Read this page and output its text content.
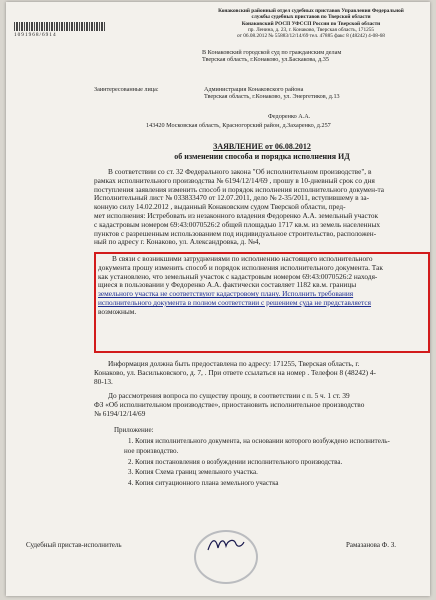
1091968/6914
Конаковский районный отдел судебных приставов Управления Федеральной
службы судебных приставов по Тверской области
Конаковский РОСП УФССП России по Тверской области
пр. Ленина, д. 23, г. Конаково, Тверская область, 171255
от 06.08.2012 № 55883/12/14/69 тел. 47885 факс 8 (48242) 4-08-68
В Конаковский городской суд по гражданским делам
Тверская область, г.Конаково, ул.Баскакова, д.35
Заинтересованные лица:	Администрация Конаковского района
Тверская область, г.Конаково, ул. Энергетиков, д.13
Федоренко А.А.
143420 Московская область, Красногорский район, д.Захаренко, д.257
ЗАЯВЛЕНИЕ от 06.08.2012
об изменении способа и порядка исполнения ИД
В соответствии со ст. 32 Федерального закона "Об исполнительном производстве", в
рамках исполнительного производства № 6194/12/14/69 , прошу в 10-дневный срок со дня
поступления заявления изменить способ и порядок исполнения исполнительного докумен-та
Исполнительный лист № 033833470 от 12.07.2011, дело № 2-35/2011, вступившему в за-
конную силу 14.02.2012 , выданный Конаковским судом Тверской области, пред-
мет исполнения: Истребовать из незаконного владения Федоренко А.А. земельный участок
с кадастровым номером 69:43:0070526:2 общей площадью 1717 кв.м. из земель населенных
пунктов с разрешенным использованием под индивидуальное строительство, расположен-
ный по адресу г. Конаково, ул. Александровка, д. №4,
В связи с возникшими затруднениями по исполнению настоящего исполнительного
документа прошу изменить способ и порядок исполнения исполнительного документа. Так
как установлено, что земельный участок с кадастровым номером 69:43:0070526:2 находя-
щиеся в пользовании у Федоренко А.А. фактически составляет 1182 кв.м. границы
земельного участка не соответствуют кадастровому плану. Исполнить требования
исполнительного документа в полном соответствии с решением суда не представляется
возможным.
Информация должна быть предоставлена по адресу: 171255, Тверская область, г.
Конаково, ул. Васильковского, д. 7, . При ответе ссылаться на номер . Телефон 8 (48242) 4-
80-13.
До рассмотрения вопроса по существу прошу, в соответствии с п. 5 ч. 1 ст. 39
ФЗ «Об исполнительном производстве», приостановить исполнительное производство
№ 6194/12/14/69
Приложение:
1. Копия исполнительного документа, на основании которого возбуждено исполнитель-
ное производство.
2. Копия постановления о возбуждении исполнительного производства.
3. Копия Схема границ земельного участка.
4. Копия ситуационного плана земельного участка
Судебный пристав-исполнитель	Рамазанова Ф. З.
